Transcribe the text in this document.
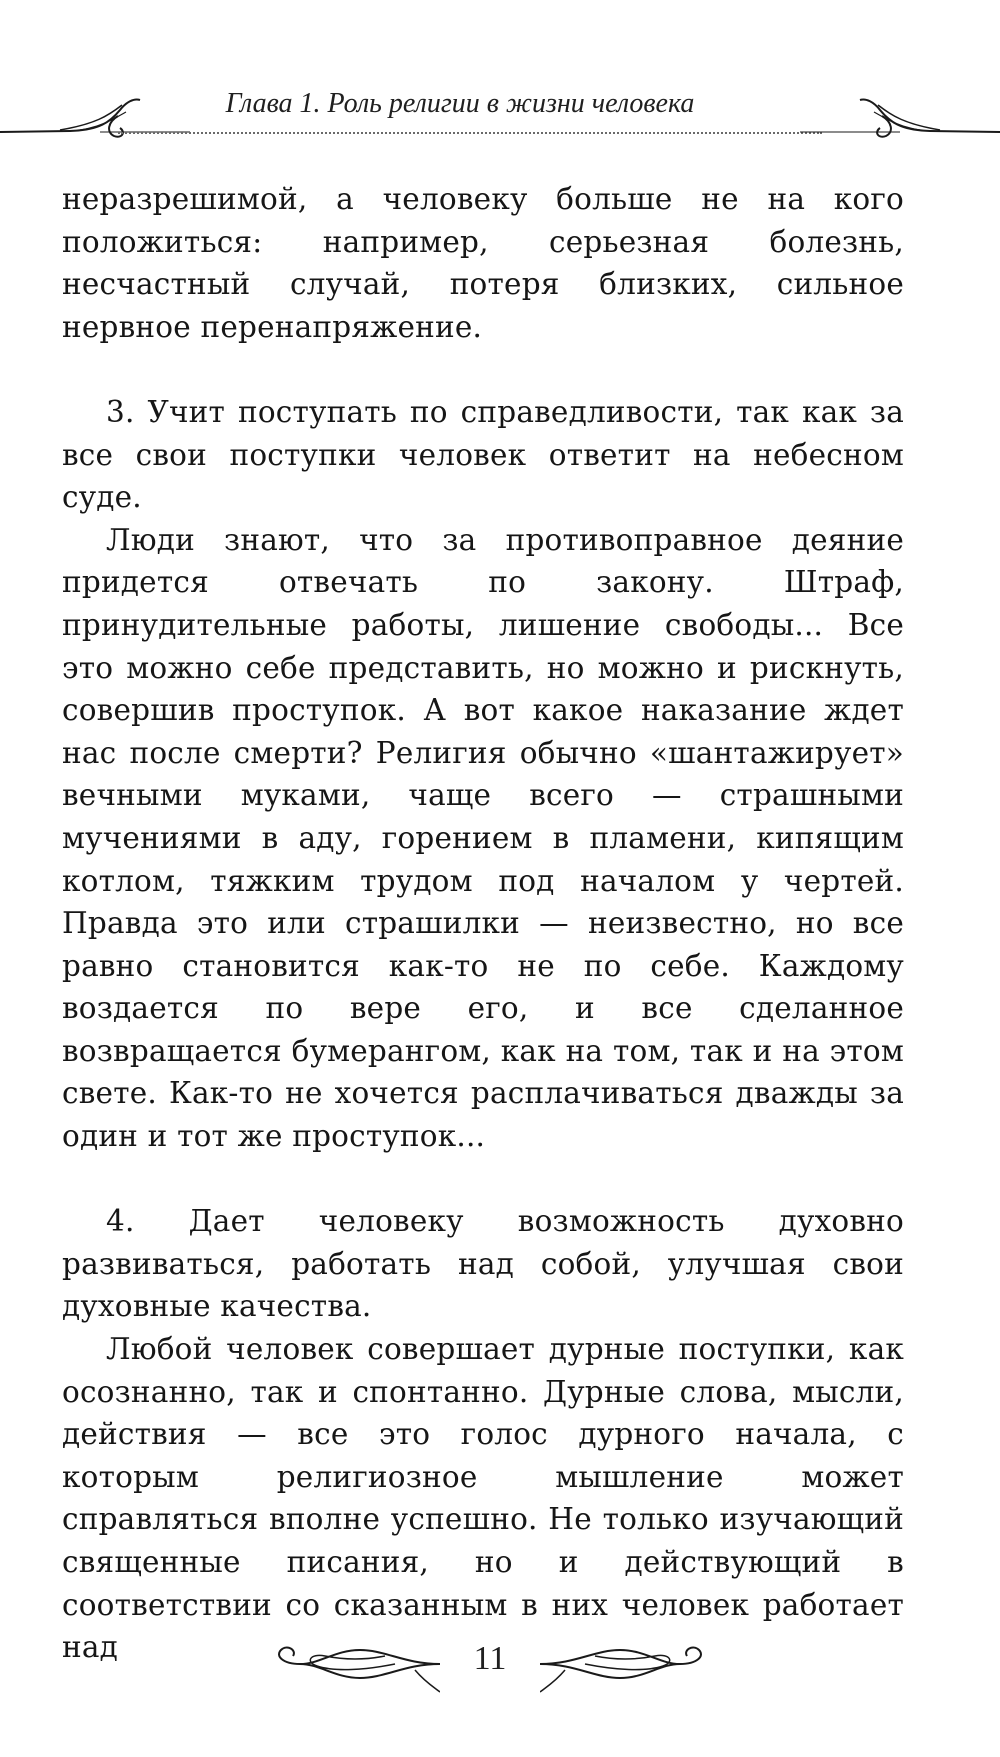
Глава 1. Роль религии в жизни человека

неразрешимой, а человеку больше не на кого положиться: например, серьезная болезнь, несчастный случай, потеря близких, сильное нервное перенапряжение.

3. Учит поступать по справедливости, так как за все свои поступки человек ответит на небесном суде.

Люди знают, что за противоправное деяние придется отвечать по закону. Штраф, принудительные работы, лишение свободы... Все это можно себе представить, но можно и рискнуть, совершив проступок. А вот какое наказание ждет нас после смерти? Религия обычно «шантажирует» вечными муками, чаще всего — страшными мучениями в аду, горением в пламени, кипящим котлом, тяжким трудом под началом у чертей. Правда это или страшилки — неизвестно, но все равно становится как-то не по себе. Каждому воздается по вере его, и все сделанное возвращается бумерангом, как на том, так и на этом свете. Как-то не хочется расплачиваться дважды за один и тот же проступок...

4. Дает человеку возможность духовно развиваться, работать над собой, улучшая свои духовные качества.

Любой человек совершает дурные поступки, как осознанно, так и спонтанно. Дурные слова, мысли, действия — все это голос дурного начала, с которым религиозное мышление может справляться вполне успешно. Не только изучающий священные писания, но и действующий в соответствии со сказанным в них человек работает над	11
